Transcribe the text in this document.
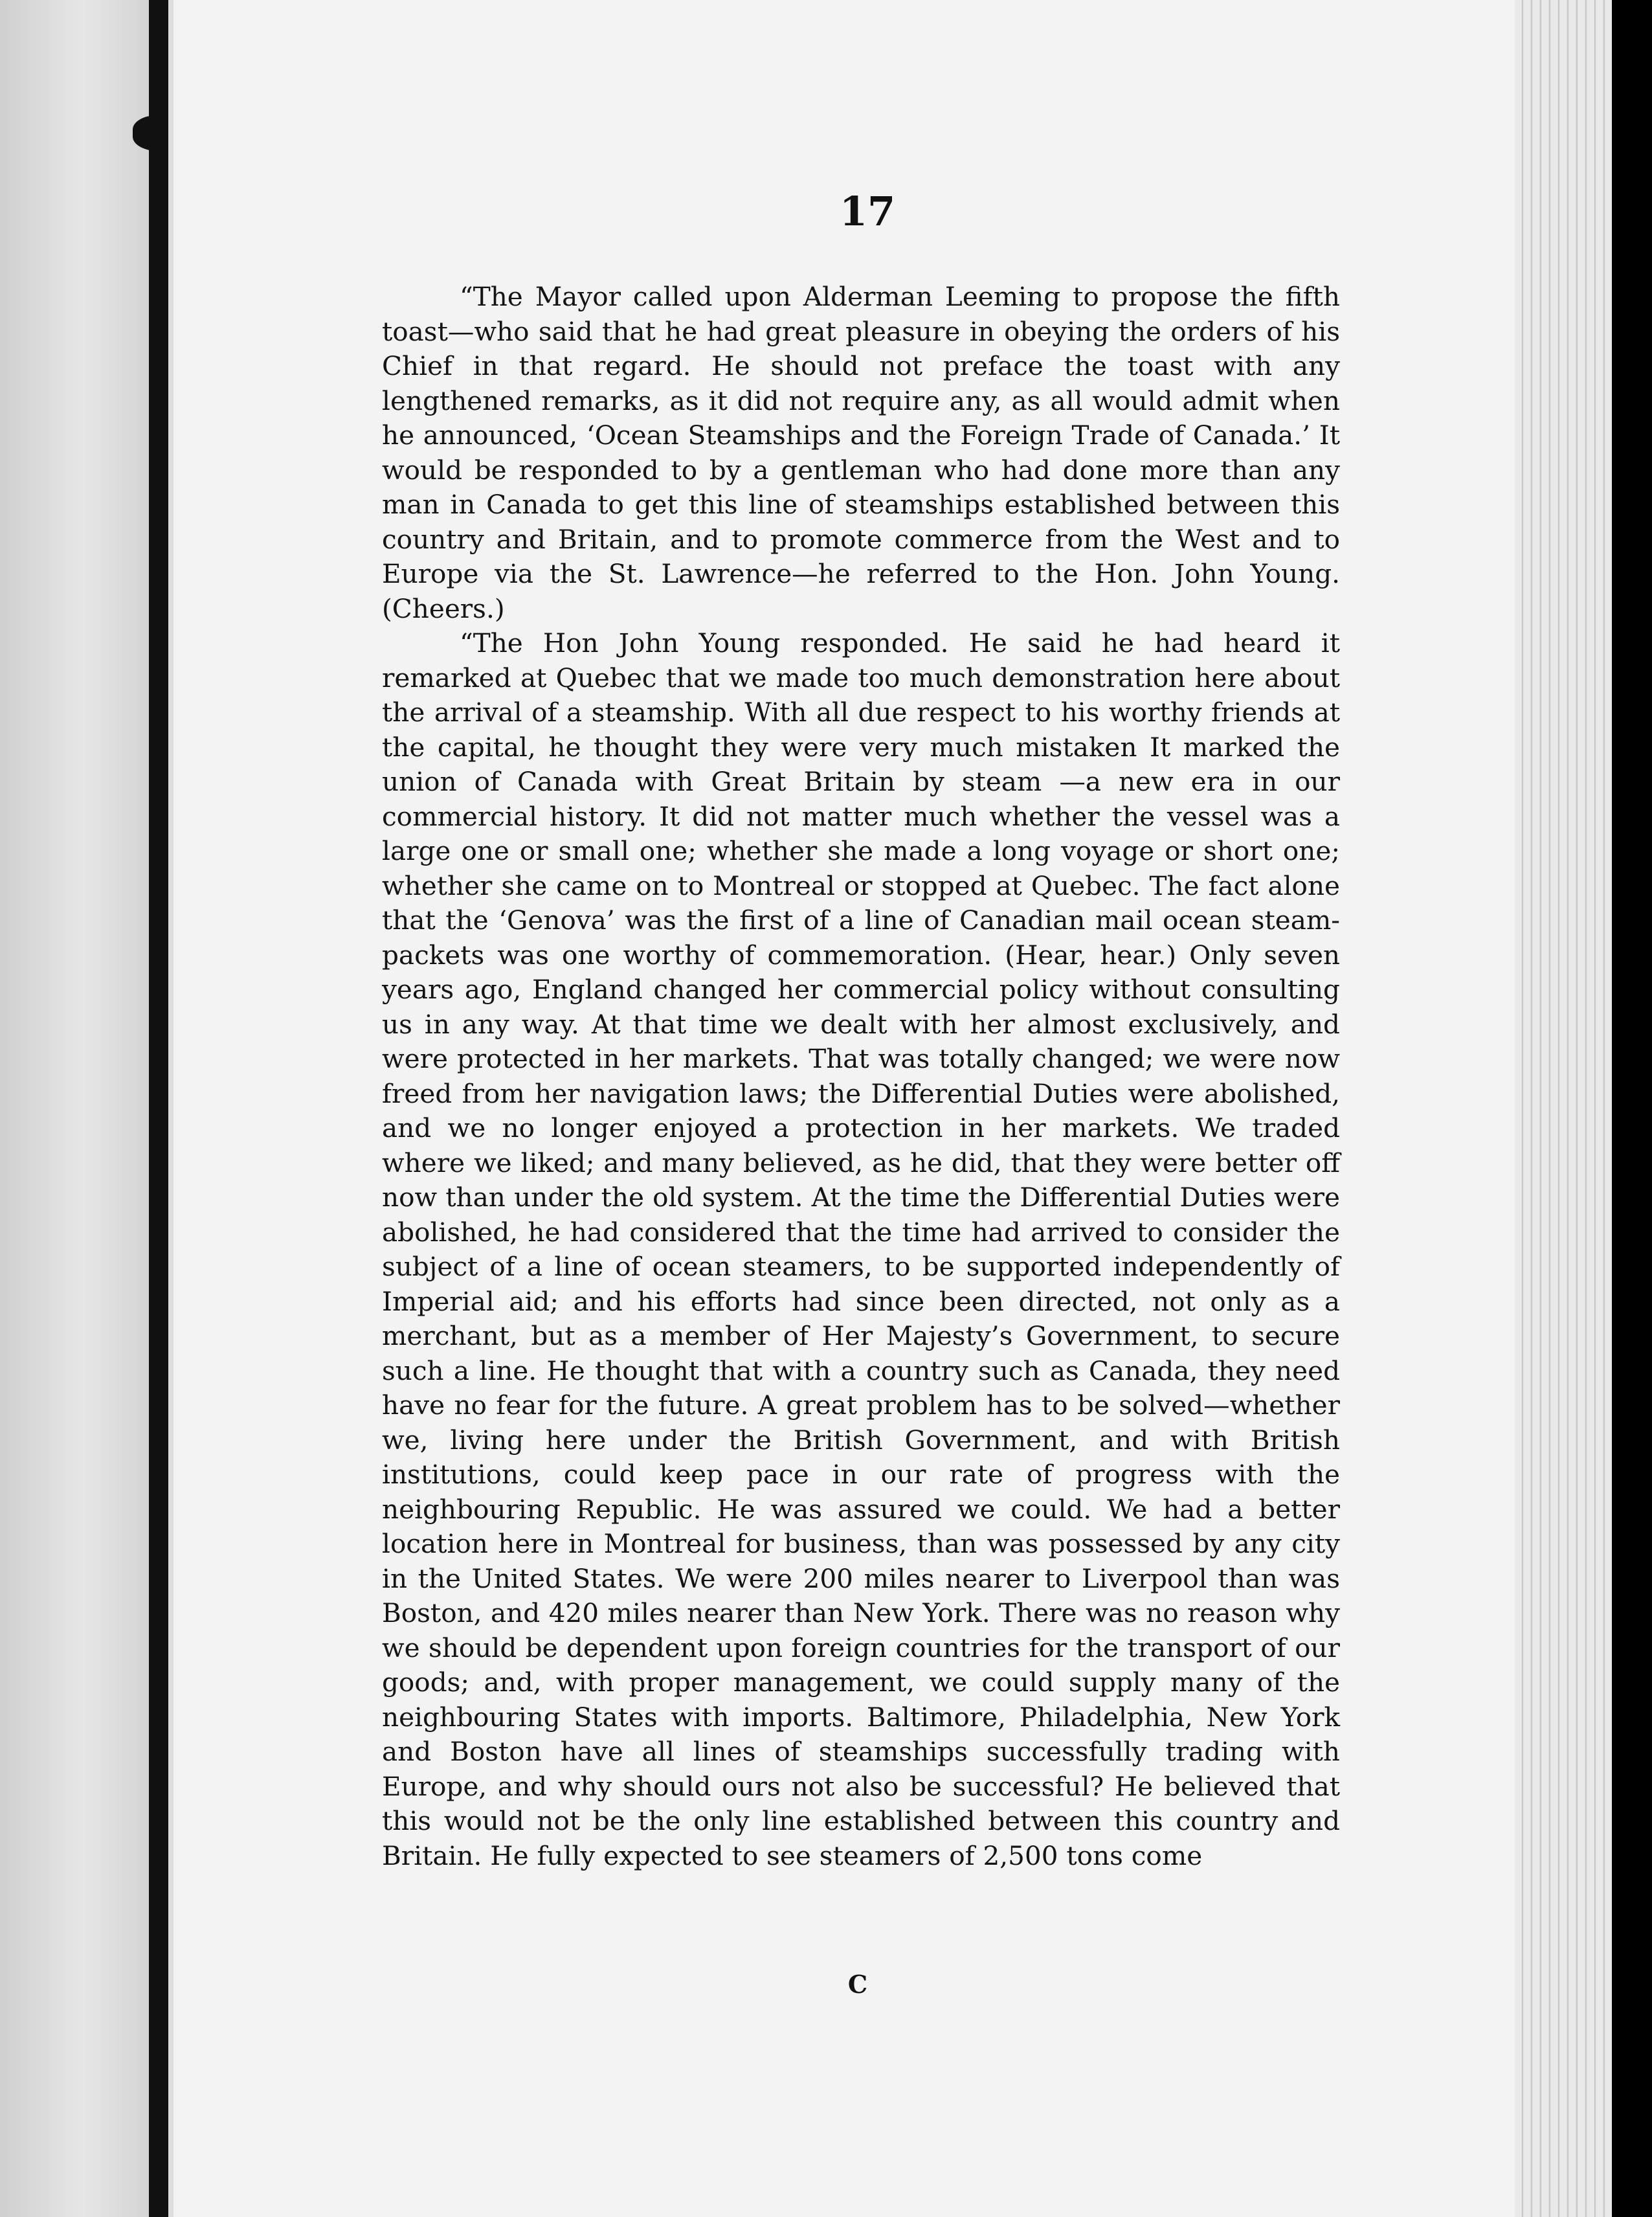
17

“The Mayor called upon Alderman Leeming to propose the fifth toast—who said that he had great pleasure in obeying the orders of his Chief in that regard. He should not preface the toast with any lengthened remarks, as it did not require any, as all would admit when he announced, ‘Ocean Steamships and the Foreign Trade of Canada.’ It would be responded to by a gentleman who had done more than any man in Canada to get this line of steamships established between this country and Britain, and to promote commerce from the West and to Europe via the St. Lawrence—he referred to the Hon. John Young. (Cheers.)

“The Hon John Young responded. He said he had heard it remarked at Quebec that we made too much demonstration here about the arrival of a steamship. With all due respect to his worthy friends at the capital, he thought they were very much mistaken It marked the union of Canada with Great Britain by steam —a new era in our commercial history. It did not matter much whether the vessel was a large one or small one; whether she made a long voyage or short one; whether she came on to Montreal or stopped at Quebec. The fact alone that the ‘Genova’ was the first of a line of Canadian mail ocean steam-packets was one worthy of commemoration. (Hear, hear.) Only seven years ago, England changed her commercial policy without consulting us in any way. At that time we dealt with her almost exclusively, and were protected in her markets. That was totally changed; we were now freed from her navigation laws; the Differential Duties were abolished, and we no longer enjoyed a protection in her markets. We traded where we liked; and many believed, as he did, that they were better off now than under the old system. At the time the Differential Duties were abolished, he had considered that the time had arrived to consider the subject of a line of ocean steamers, to be supported independently of Imperial aid; and his efforts had since been directed, not only as a merchant, but as a member of Her Majesty’s Government, to secure such a line. He thought that with a country such as Canada, they need have no fear for the future. A great problem has to be solved—whether we, living here under the British Government, and with British institutions, could keep pace in our rate of progress with the neighbouring Republic. He was assured we could. We had a better location here in Montreal for business, than was possessed by any city in the United States. We were 200 miles nearer to Liverpool than was Boston, and 420 miles nearer than New York. There was no reason why we should be dependent upon foreign countries for the transport of our goods; and, with proper management, we could supply many of the neighbouring States with imports. Baltimore, Philadelphia, New York and Boston have all lines of steamships successfully trading with Europe, and why should ours not also be successful? He believed that this would not be the only line established between this country and Britain. He fully expected to see steamers of 2,500 tons come

C
